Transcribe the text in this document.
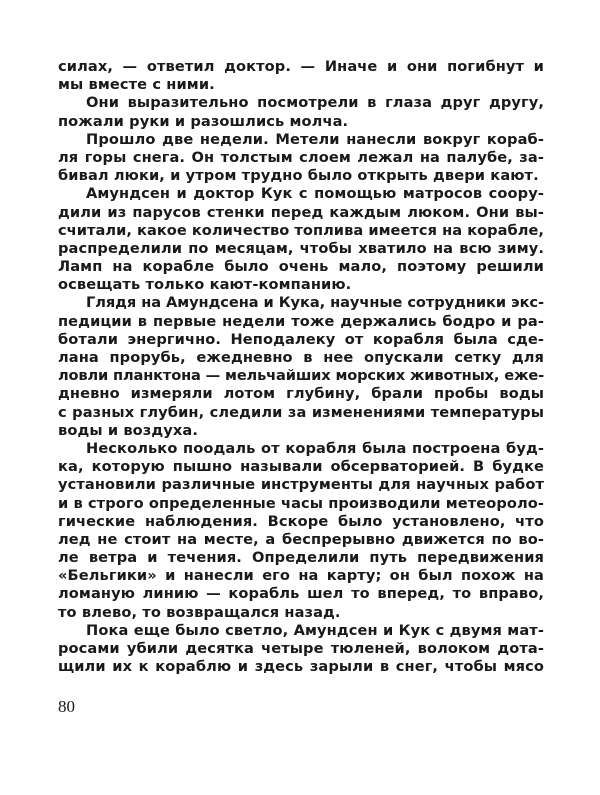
силах, — ответил доктор. — Иначе и они погибнут и
мы вместе с ними.
Они выразительно посмотрели в глаза друг другу,
пожали руки и разошлись молча.
Прошло две недели. Метели нанесли вокруг кораб-
ля горы снега. Он толстым слоем лежал на палубе, за-
бивал люки, и утром трудно было открыть двери кают.
Амундсен и доктор Кук с помощью матросов соору-
дили из парусов стенки перед каждым люком. Они вы-
считали, какое количество топлива имеется на корабле,
распределили по месяцам, чтобы хватило на всю зиму.
Ламп на корабле было очень мало, поэтому решили
освещать только кают-компанию.
Глядя на Амундсена и Кука, научные сотрудники экс-
педиции в первые недели тоже держались бодро и ра-
ботали энергично. Неподалеку от корабля была сде-
лана прорубь, ежедневно в нее опускали сетку для
ловли планктона — мельчайших морских животных, еже-
дневно измеряли лотом глубину, брали пробы воды
с разных глубин, следили за изменениями температуры
воды и воздуха.
Несколько поодаль от корабля была построена буд-
ка, которую пышно называли обсерваторией. В будке
установили различные инструменты для научных работ
и в строго определенные часы производили метеороло-
гические наблюдения. Вскоре было установлено, что
лед не стоит на месте, а беспрерывно движется по во-
ле ветра и течения. Определили путь передвижения
«Бельгики» и нанесли его на карту; он был похож на
ломаную линию — корабль шел то вперед, то вправо,
то влево, то возвращался назад.
Пока еще было светло, Амундсен и Кук с двумя мат-
росами убили десятка четыре тюленей, волоком дота-
щили их к кораблю и здесь зарыли в снег, чтобы мясо
80
